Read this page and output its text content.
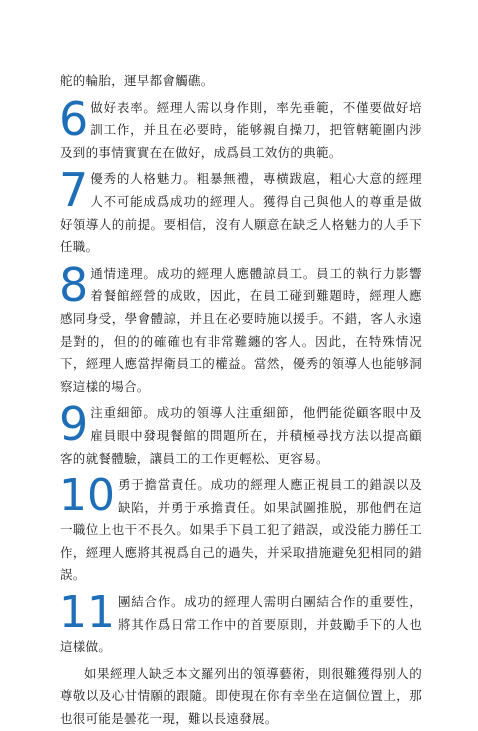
舵的輪胎，運早都會觸礁。

6 做好表率。經理人需以身作則，率先垂範，不僅要做好培訓工作，并且在必要時，能够親自操刀，把管轄範圍内涉及到的事情實實在在做好，成爲員工效仿的典範。

7 優秀的人格魅力。粗暴無禮，專横跋扈，粗心大意的經理人不可能成爲成功的經理人。獲得自己與他人的尊重是做好領導人的前提。要相信，沒有人願意在缺乏人格魅力的人手下任職。

8 通情達理。成功的經理人應體諒員工。員工的執行力影響着餐館經營的成敗，因此，在員工碰到難題時，經理人應感同身受，學會體諒，并且在必要時施以援手。不錯，客人永遠是對的，但的的確確也有非常難纏的客人。因此，在特殊情况下，經理人應當捍衛員工的權益。當然，優秀的領導人也能够洞察這樣的場合。

9 注重細節。成功的領導人注重細節，他們能從顧客眼中及雇員眼中發現餐館的問題所在，并積極尋找方法以提高顧客的就餐體驗，讓員工的工作更輕松、更容易。

10 勇于擔當責任。成功的經理人應正視員工的錯誤以及缺陷，并勇于承擔責任。如果試圖推脱，那他們在這一職位上也干不長久。如果手下員工犯了錯誤，或没能力勝任工作，經理人應將其視爲自己的過失，并采取措施避免犯相同的錯誤。

11 團結合作。成功的經理人需明白團結合作的重要性，將其作爲日常工作中的首要原則，并鼓勵手下的人也這樣做。

如果經理人缺乏本文羅列出的領導藝術，則很難獲得别人的尊敬以及心甘情願的跟隨。即使現在你有幸坐在這個位置上，那也很可能是曇花一現，難以長遠發展。
